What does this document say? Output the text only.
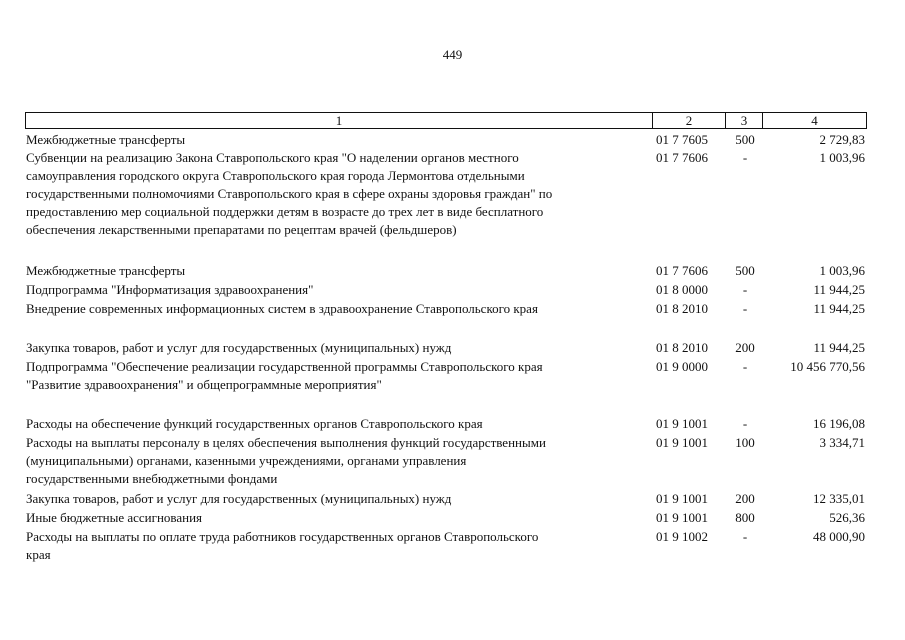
449
1	2	3	4
Межбюджетные трансферты	01 7 7605	500	2 729,83
Субвенции на реализацию Закона Ставропольского края "О наделении органов местного
самоуправления городского округа Ставропольского края города Лермонтова отдельными
государственными полномочиями Ставропольского края в сфере охраны здоровья граждан" по
предоставлению мер социальной поддержки детям в возрасте до трех лет в виде бесплатного
обеспечения лекарственными препаратами по рецептам врачей (фельдшеров)
01 7 7606	-	1 003,96
Межбюджетные трансферты	01 7 7606	500	1 003,96
Подпрограмма "Информатизация здравоохранения"	01 8 0000	-	11 944,25
Внедрение современных информационных систем в здравоохранение Ставропольского края	01 8 2010	-	11 944,25
Закупка товаров, работ и услуг для государственных (муниципальных) нужд	01 8 2010	200	11 944,25
Подпрограмма "Обеспечение реализации государственной программы Ставропольского края
"Развитие здравоохранения" и общепрограммные мероприятия"
01 9 0000	-	10 456 770,56
Расходы на обеспечение функций государственных органов Ставропольского края	01 9 1001	-	16 196,08
Расходы на выплаты персоналу в целях обеспечения выполнения функций государственными
(муниципальными) органами, казенными учреждениями, органами управления
государственными внебюджетными фондами
01 9 1001	100	3 334,71
Закупка товаров, работ и услуг для государственных (муниципальных) нужд	01 9 1001	200	12 335,01
Иные бюджетные ассигнования	01 9 1001	800	526,36
Расходы на выплаты по оплате труда работников государственных органов Ставропольского
края
01 9 1002	-	48 000,90
